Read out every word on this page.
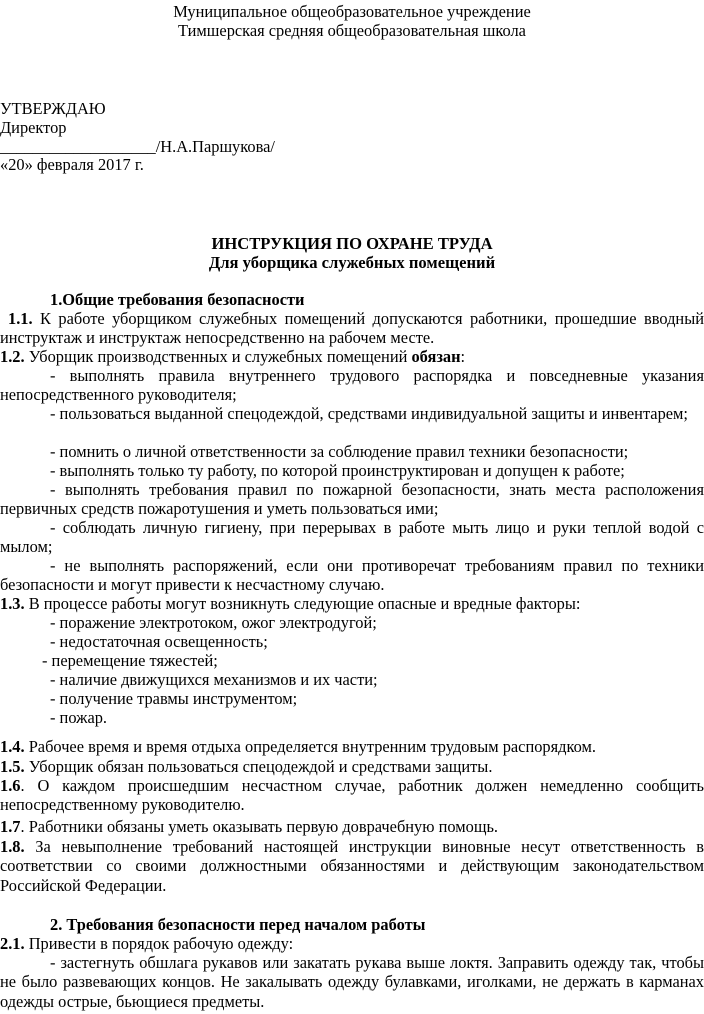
Муниципальное общеобразовательное учреждение

Тимшерская средняя общеобразовательная школа

УТВЕРЖДАЮ

Директор

___________________/Н.А.Паршукова/

«20» февраля 2017 г.

ИНСТРУКЦИЯ ПО ОХРАНЕ ТРУДА

Для уборщика служебных помещений

1.Общие требования безопасности

1.1. К работе уборщиком служебных помещений допускаются работники, прошедшие вводный инструктаж и инструктаж непосредственно на рабочем месте.

1.2. Уборщик производственных и служебных помещений обязан:

- выполнять правила внутреннего трудового распорядка и повседневные указания непосредственного руководителя;

- пользоваться выданной спецодеждой, средствами индивидуальной защиты и инвентарем;

- помнить о личной ответственности за соблюдение правил техники безопасности;

- выполнять только ту работу, по которой проинструктирован и допущен к работе;

- выполнять требования правил по пожарной безопасности, знать места расположения первичных средств пожаротушения и уметь пользоваться ими;

- соблюдать личную гигиену, при перерывах в работе мыть лицо и руки теплой водой с мылом;

- не выполнять распоряжений, если они противоречат требованиям правил по техники безопасности и могут привести к несчастному случаю.

1.3. В процессе работы могут возникнуть следующие опасные и вредные факторы:

- поражение электротоком, ожог электродугой;

- недостаточная освещенность;

- перемещение тяжестей;

- наличие движущихся механизмов и их части;

- получение травмы инструментом;

- пожар.

1.4. Рабочее время и время отдыха определяется внутренним трудовым распорядком.

1.5. Уборщик обязан пользоваться спецодеждой и средствами защиты.

1.6. О каждом происшедшим несчастном случае, работник должен немедленно сообщить непосредственному руководителю.

1.7. Работники обязаны уметь оказывать первую доврачебную помощь.

1.8. За невыполнение требований настоящей инструкции виновные несут ответственность в соответствии со своими должностными обязанностями и действующим законодательством Российской Федерации.

2. Требования безопасности перед началом работы

2.1. Привести в порядок рабочую одежду:

- застегнуть обшлага рукавов или закатать рукава выше локтя. Заправить одежду так, чтобы не было развевающих концов. Не закалывать одежду булавками, иголками, не держать в карманах одежды острые, бьющиеся предметы.
